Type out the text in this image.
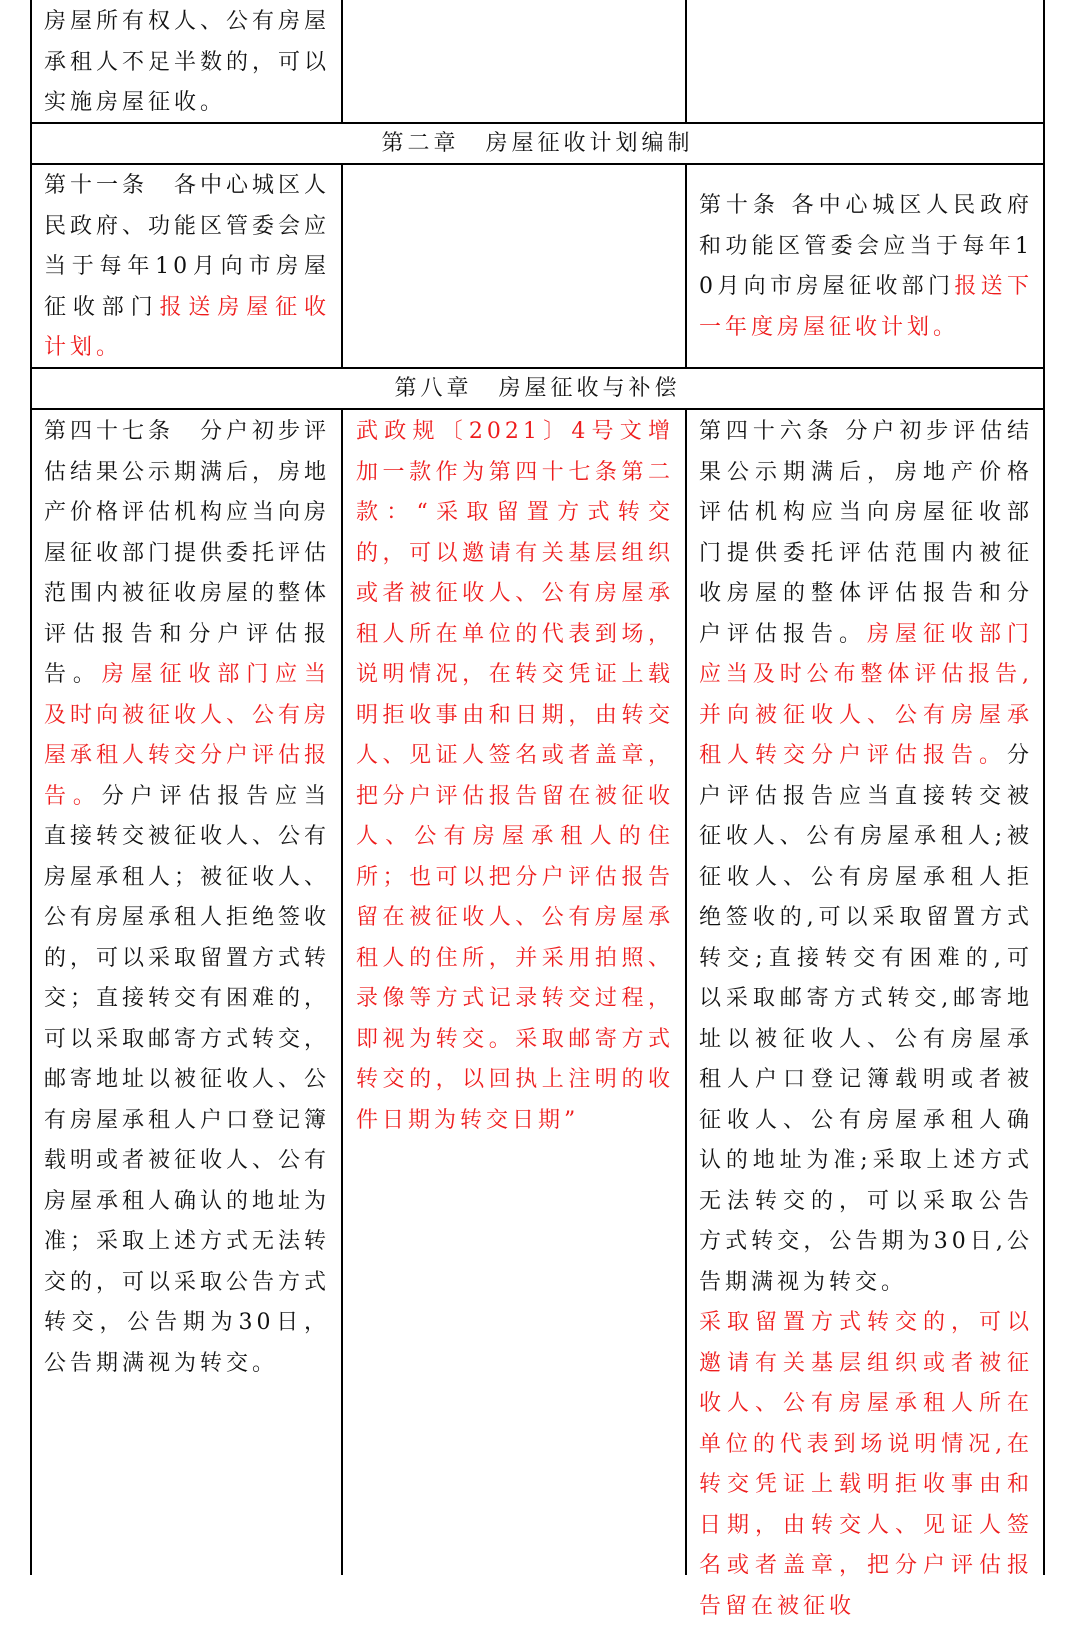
房屋所有权人、公有房屋承租人不足半数的，可以实施房屋征收。
第二章　房屋征收计划编制
第十一条　各中心城区人民政府、功能区管委会应当于每年10月向市房屋征收部门报送房屋征收计划。
第十条 各中心城区人民政府和功能区管委会应当于每年10月向市房屋征收部门报送下一年度房屋征收计划。
第八章　房屋征收与补偿
第四十七条　分户初步评估结果公示期满后，房地产价格评估机构应当向房屋征收部门提供委托评估范围内被征收房屋的整体评估报告和分户评估报告。房屋征收部门应当及时向被征收人、公有房屋承租人转交分户评估报告。分户评估报告应当直接转交被征收人、公有房屋承租人；被征收人、公有房屋承租人拒绝签收的，可以采取留置方式转交；直接转交有困难的，可以采取邮寄方式转交，邮寄地址以被征收人、公有房屋承租人户口登记簿载明或者被征收人、公有房屋承租人确认的地址为准；采取上述方式无法转交的，可以采取公告方式转交，公告期为30日，公告期满视为转交。
武政规〔2021〕4号文增加一款作为第四十七条第二款：“采取留置方式转交的，可以邀请有关基层组织或者被征收人、公有房屋承租人所在单位的代表到场，说明情况，在转交凭证上载明拒收事由和日期，由转交人、见证人签名或者盖章，把分户评估报告留在被征收人、公有房屋承租人的住所；也可以把分户评估报告留在被征收人、公有房屋承租人的住所，并采用拍照、录像等方式记录转交过程，即视为转交。采取邮寄方式转交的，以回执上注明的收件日期为转交日期”
第四十六条 分户初步评估结果公示期满后，房地产价格评估机构应当向房屋征收部门提供委托评估范围内被征收房屋的整体评估报告和分户评估报告。房屋征收部门应当及时公布整体评估报告,并向被征收人、公有房屋承租人转交分户评估报告。分户评估报告应当直接转交被征收人、公有房屋承租人;被征收人、公有房屋承租人拒绝签收的,可以采取留置方式转交;直接转交有困难的,可以采取邮寄方式转交,邮寄地址以被征收人、公有房屋承租人户口登记簿载明或者被征收人、公有房屋承租人确认的地址为准;采取上述方式无法转交的，可以采取公告方式转交，公告期为30日,公告期满视为转交。
采取留置方式转交的，可以邀请有关基层组织或者被征收人、公有房屋承租人所在单位的代表到场说明情况,在转交凭证上载明拒收事由和日期，由转交人、见证人签名或者盖章，把分户评估报告留在被征收
